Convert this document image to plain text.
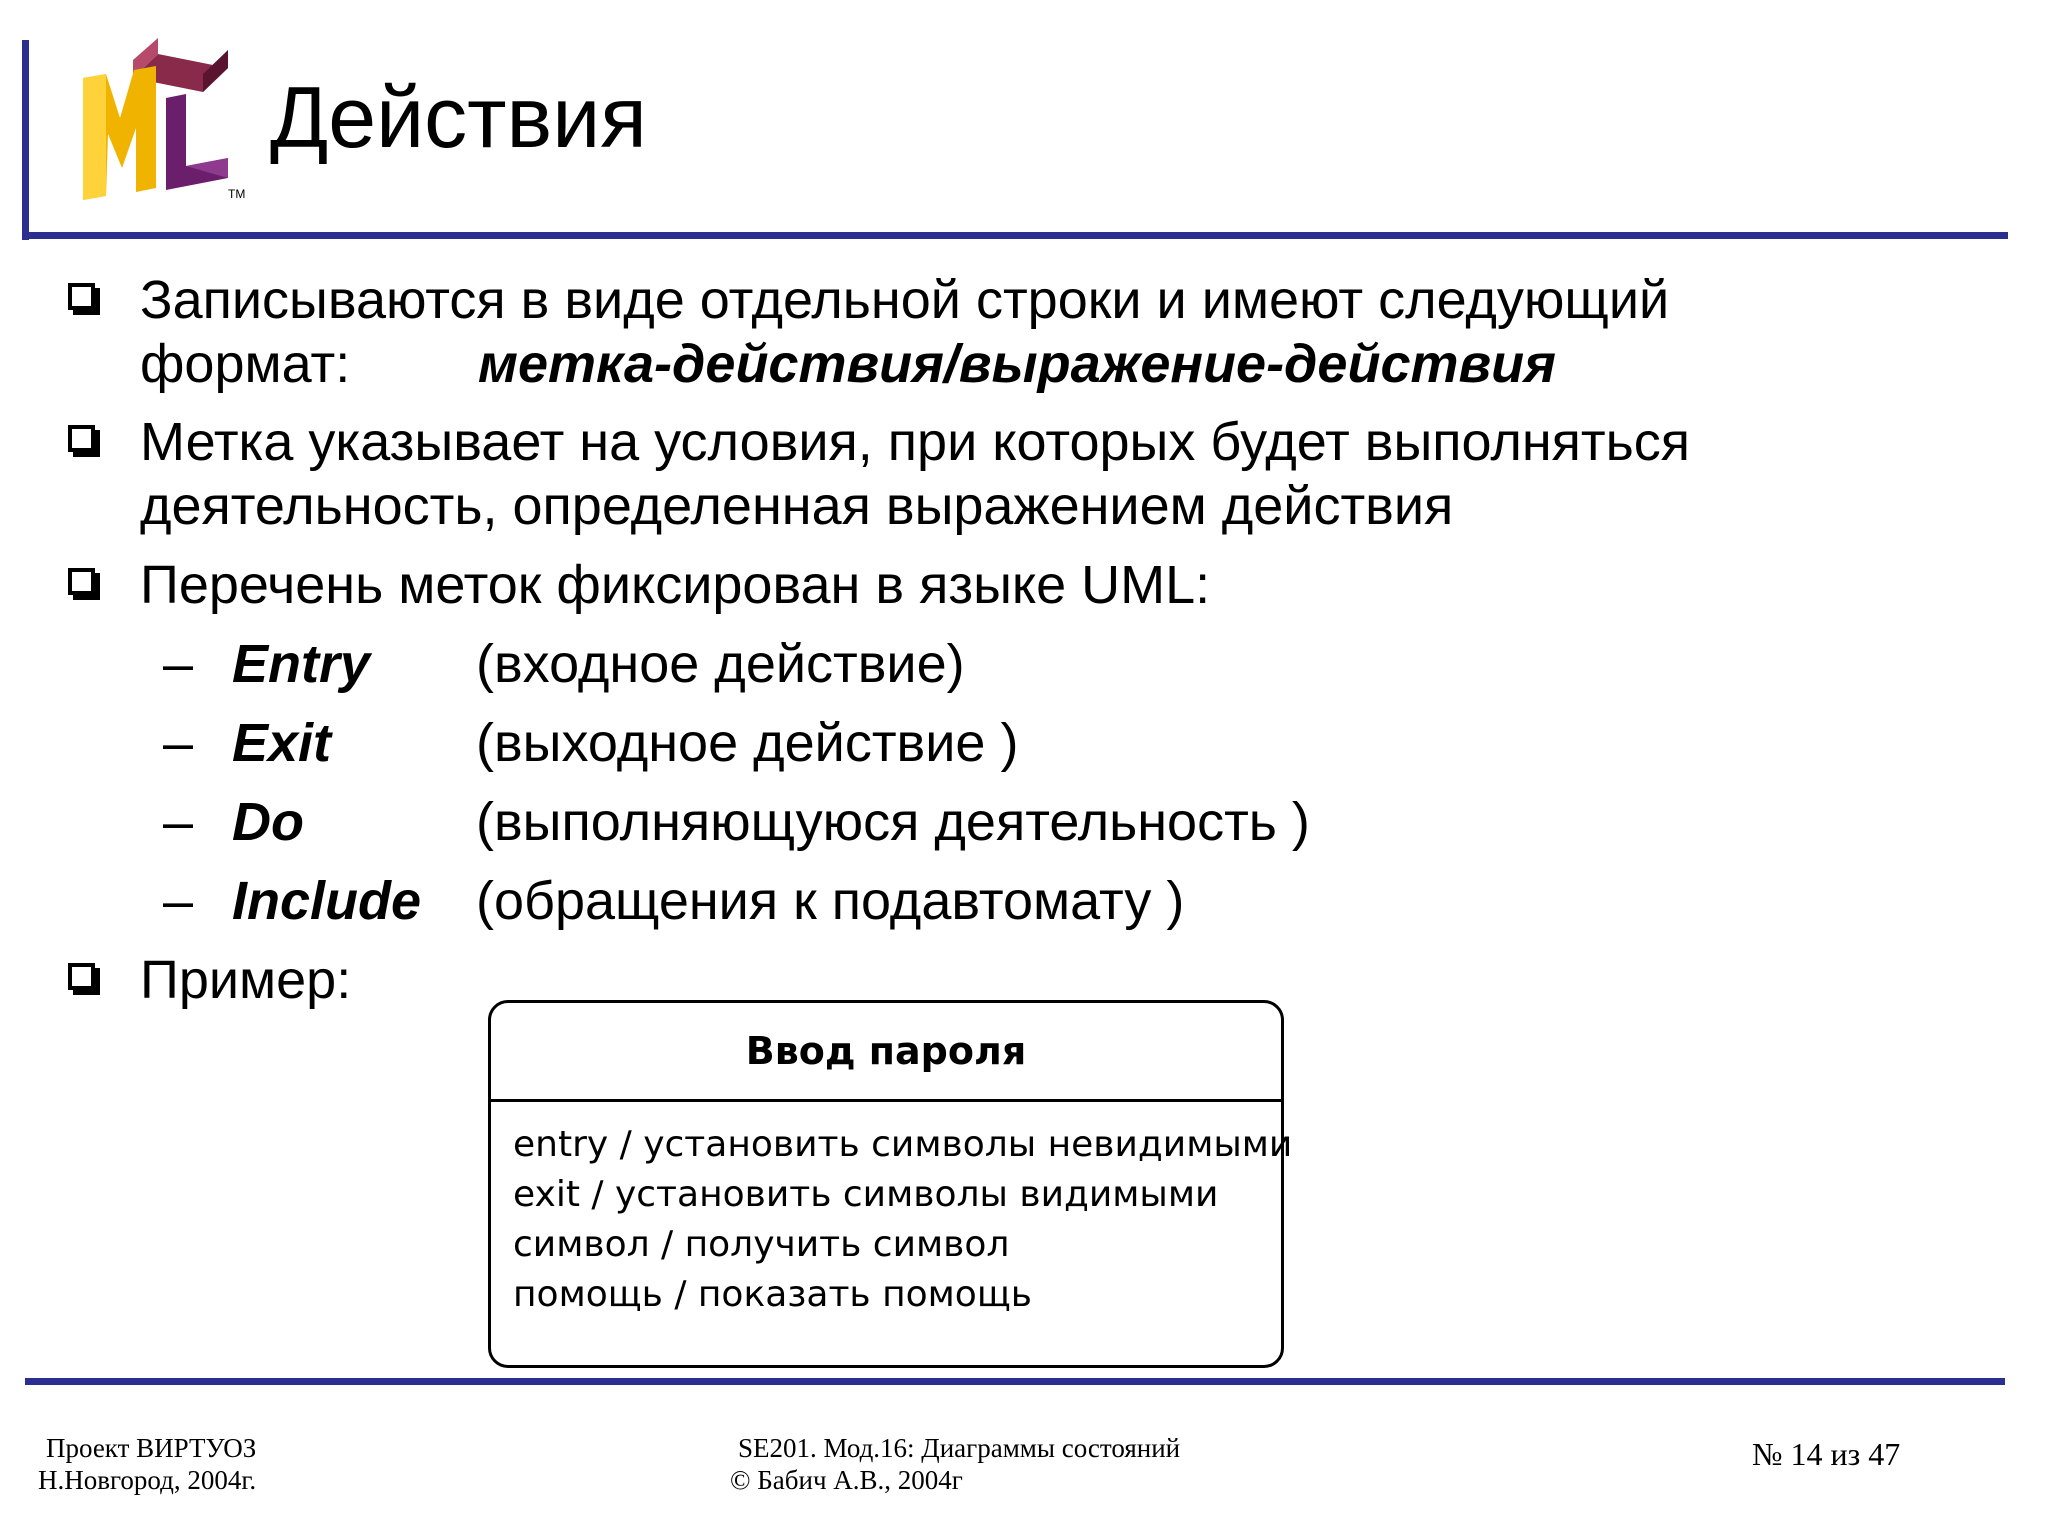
TM
Действия
Записываются в виде отдельной строки и имеют следующий
формат: метка-действия/выражение-действия
Метка указывает на условия, при которых будет выполняться
деятельность, определенная выражением действия
Перечень меток фиксирован в языке UML:
– Entry (входное действие)
– Exit	(выходное действие )
– Do	(выполняющуюся деятельность )
– Include (обращения к подавтомату )
Пример:
Ввод пароля
entry / установить символы невидимыми
exit / установить символы видимыми
символ / получить символ
помощь / показать помощь
Проект ВИРТУОЗ
Н.Новгород, 2004г.
SE201. Мод.16: Диаграммы состояний
© Бабич А.В., 2004г
№ 14 из 47
